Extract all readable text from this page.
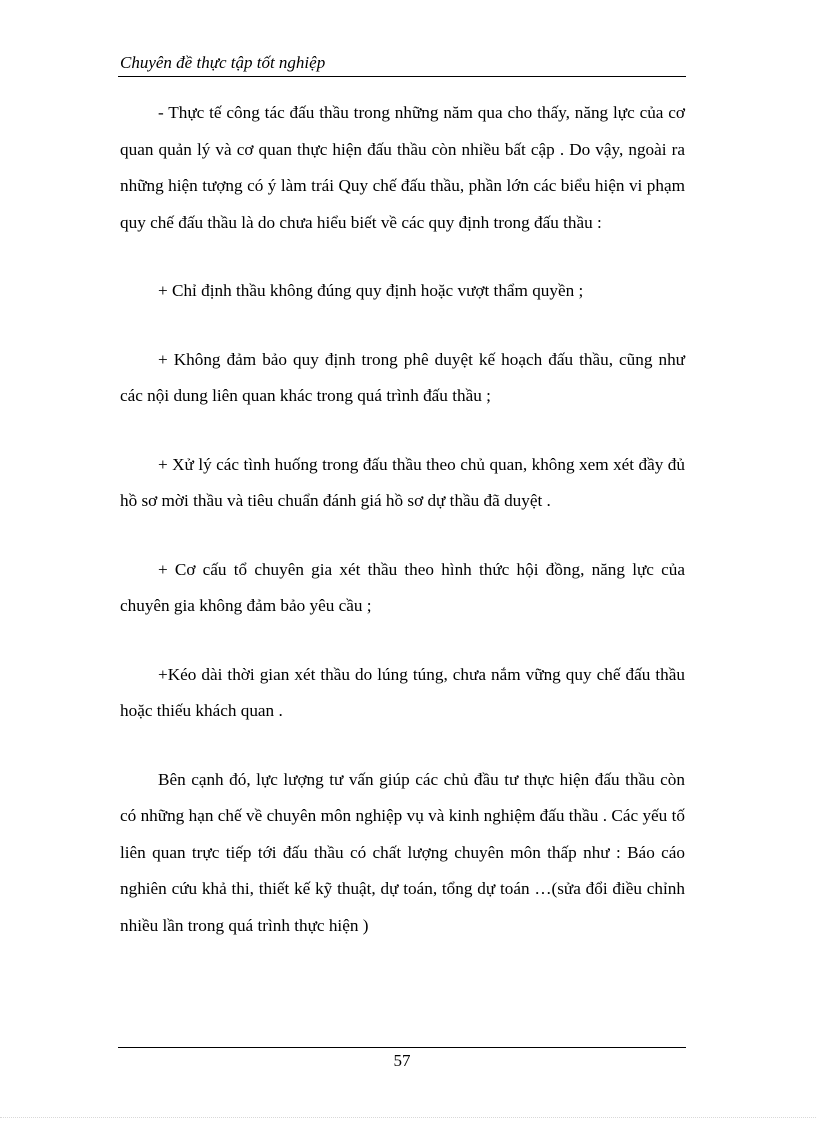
Chuyên đề thực tập tốt nghiệp

- Thực tế công tác đấu thầu trong những năm qua cho thấy, năng lực của cơ quan quản lý và cơ quan thực hiện đấu thầu còn nhiều bất cập . Do vậy, ngoài ra những hiện tượng có ý làm trái Quy chế đấu thầu, phần lớn các biểu hiện vi phạm quy chế đấu thầu là do chưa hiểu biết về các quy định trong đấu thầu :

+ Chỉ định thầu không đúng quy định hoặc vượt thẩm quyền ;

+ Không đảm bảo quy định trong phê duyệt kế hoạch đấu thầu, cũng như các nội dung liên quan khác trong quá trình đấu thầu ;

+ Xử lý các tình huống trong đấu thầu theo chủ quan, không xem xét đầy đủ hồ sơ mời thầu và tiêu chuẩn đánh giá hồ sơ dự thầu đã duyệt .

+ Cơ cấu tổ chuyên gia xét thầu theo hình thức hội đồng, năng lực của chuyên gia không đảm bảo yêu cầu ;

+Kéo dài thời gian xét thầu do lúng túng, chưa nắm vững quy chế đấu thầu hoặc thiếu khách quan .

Bên cạnh đó, lực lượng tư vấn giúp các chủ đầu tư thực hiện đấu thầu còn có những hạn chế về chuyên môn nghiệp vụ và kinh nghiệm đấu thầu . Các yếu tố liên quan trực tiếp tới đấu thầu có chất lượng chuyên môn thấp như : Báo cáo nghiên cứu khả thi, thiết kế kỹ thuật, dự toán, tổng dự toán …(sửa đổi điều chỉnh nhiều lần trong quá trình thực hiện )

57
